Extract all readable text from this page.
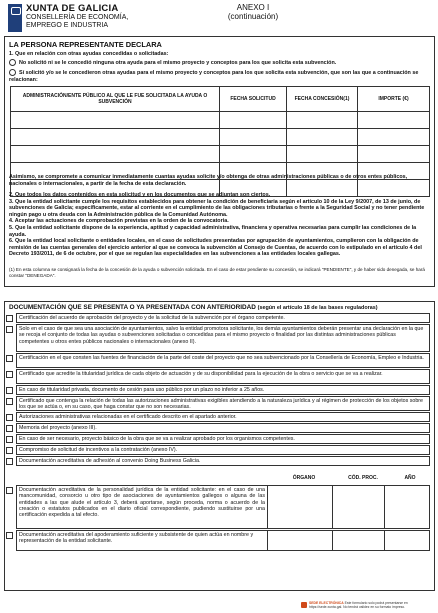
XUNTA DE GALICIA
CONSELLERÍA DE ECONOMÍA,
EMPREGO E INDUSTRIA
ANEXO I
(continuación)
LA PERSONA REPRESENTANTE DECLARA
1. Que en relación con otras ayudas concedidas o solicitadas:
No solicitó ni se le concedió ninguna otra ayuda para el mismo proyecto y conceptos para los que solicita esta subvención.
Sí solicitó y/o se le concedieron otras ayudas para el mismo proyecto y conceptos para los que solicita esta subvención, que son las que a continuación se relacionan:
ADMINISTRACIÓN/ENTE PÚBLICO AL QUE LE FUE SOLICITADA LA AYUDA O SUBVENCIÓN	FECHA SOLICITUD	FECHA CONCESIÓN(1)	IMPORTE (€)

Asimismo, se compromete a comunicar inmediatamente cuantas ayudas solicite y/o obtenga de otras administraciones públicas o de otros entes públicos, nacionales o internacionales, a partir de la fecha de esta declaración.
2. Que todos los datos contenidos en esta solicitud y en los documentos que se adjuntan son ciertos.
3. Que la entidad solicitante cumple los requisitos establecidos para obtener la condición de beneficiaria según el artículo 10 de la Ley 9/2007, de 13 de junio, de subvenciones de Galicia; específicamente, estar al corriente en el cumplimiento de las obligaciones tributarias o frente a la Seguridad Social y no tener pendiente ningún pago u otra deuda con la Administración pública de la Comunidad Autónoma.
4. Aceptar las actuaciones de comprobación previstas en la orden de la convocatoria.
5. Que la entidad solicitante dispone de la experiencia, aptitud y capacidad administrativa, financiera y operativa necesarias para cumplir las condiciones de la ayuda.
6. Que la entidad local solicitante o entidades locales, en el caso de solicitudes presentadas por agrupación de ayuntamientos, cumplieron con la obligación de remisión de las cuentas generales del ejercicio anterior al que se convoca la subvención al Consejo de Cuentas, de acuerdo con lo estipulado en el artículo 4 del Decreto 193/2011, de 6 de octubre, por el que se regulan las especialidades en las subvenciones a las entidades locales gallegas.
(1) En esta columna se consignará la fecha de la concesión de la ayuda o subvención solicitada. En el caso de estar pendiente su concesión, se indicará "PENDIENTE", y de haber sido denegada, se hará constar "DENEGADA".
DOCUMENTACIÓN QUE SE PRESENTA O YA PRESENTADA CON ANTERIORIDAD (según el artículo 18 de las bases reguladoras)
Certificación del acuerdo de aprobación del proyecto y de la solicitud de la subvención por el órgano competente.
Solo en el caso de que sea una asociación de ayuntamientos, salvo la entidad promotora solicitante, los demás ayuntamientos deberán presentar una declaración en la que se recoja el conjunto de todas las ayudas o subvenciones solicitadas o concedidas para el mismo proyecto o finalidad por las distintas administraciones públicas competentes u otros entes públicos nacionales o internacionales (anexo II).
Certificación en el que consten las fuentes de financiación de la parte del coste del proyecto que no sea subvencionado por la Consellería de Economía, Empleo e Industria.
Certificado que acredite la titularidad jurídica de cada objeto de actuación y de su disponibilidad para la ejecución de la obra o servicio que se va a realizar.
En caso de titularidad privada, documento de cesión para uso público por un plazo no inferior a 25 años.
Certificado que contenga la relación de todas las autorizaciones administrativas exigibles atendiendo a la naturaleza jurídica y al régimen de protección de los objetos sobre los que se actúa o, en su caso, que haga constar que no son necesarias.
Autorizaciones administrativas relacionadas en el certificado descrito en el apartado anterior.
Memoria del proyecto (anexo III).
En caso de ser necesario, proyecto básico de la obra que se va a realizar aprobado por los organismos competentes.
Compromiso de solicitud de incentivos a la contratación (anexo IV).
Documentación acreditativa de adhesión al convenio Doing Business Galicia.
ÓRGANO	CÓD. PROC.	AÑO
Documentación acreditativa de la personalidad jurídica de la entidad solicitante: en el caso de una mancomunidad, consorcio u otro tipo de asociaciones de ayuntamientos gallegos o alguna de las entidades a las que alude el artículo 3, deberá aportarse, según proceda, norma o acuerdo de la creación o estatutos publicados en el diario oficial correspondiente, pudiendo sustituirse por una certificación expedida a tal efecto.
Documentación acreditativa del apoderamiento suficiente y subsistente de quien actúa en nombre y representación de la entidad solicitante.
SEDE ELECTRÓNICA Este formulario solo podrá presentarse en https://sede.xunta.gal. No tendrá validez en su formato impreso.
